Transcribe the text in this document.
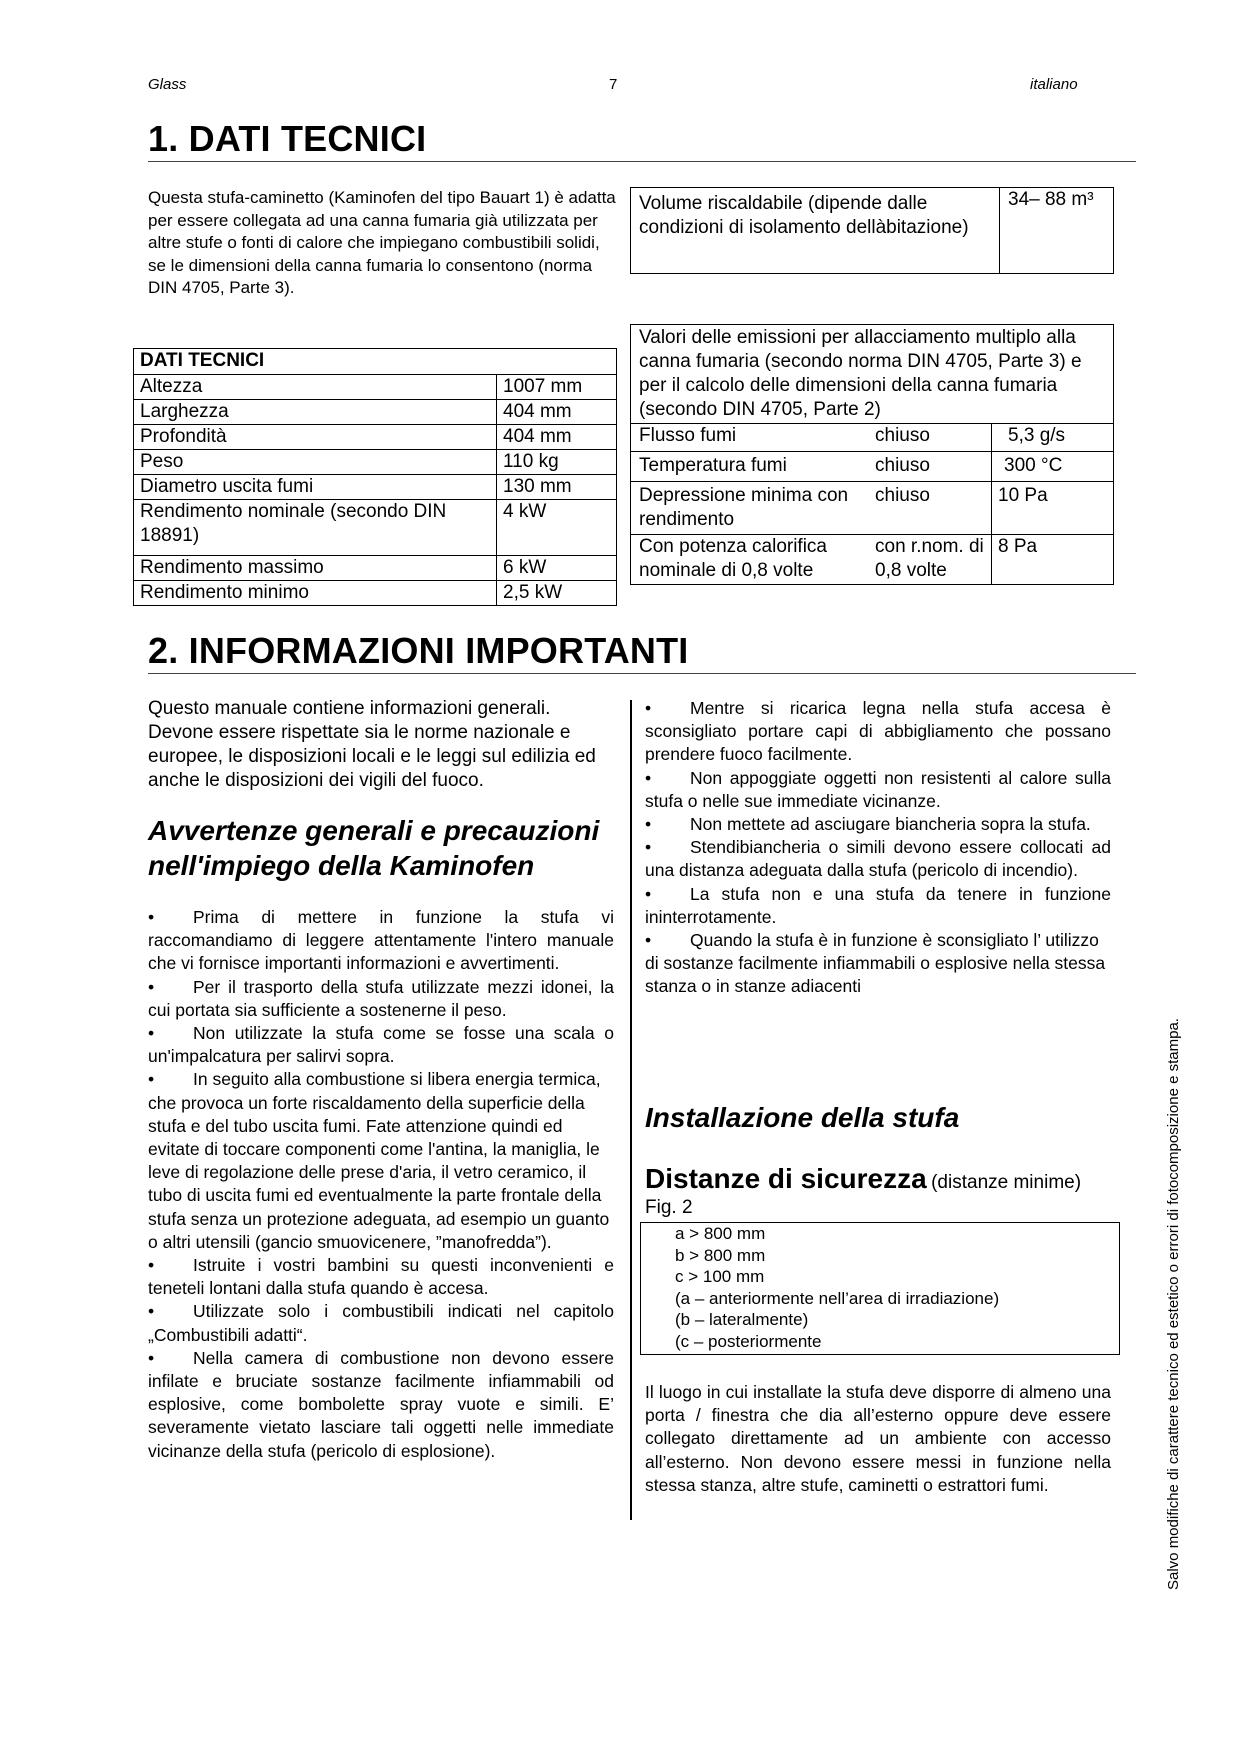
Glass	7	italiano
1. DATI TECNICI
Questa stufa-caminetto (Kaminofen del tipo Bauart 1) è adatta per essere collegata ad una canna fumaria già utilizzata per altre stufe o fonti di calore che impiegano combustibili solidi, se le dimensioni della canna fumaria lo consentono (norma DIN 4705, Parte 3).
Volume riscaldabile (dipende dalle condizioni di isolamento dellàbitazione)	34– 88 m³
DATI TECNICI	
Altezza	1007 mm
Larghezza	404 mm
Profondità	404 mm
Peso	110 kg
Diametro uscita fumi	130 mm
Rendimento nominale (secondo DIN 18891)	4 kW
Rendimento massimo	6 kW
Rendimento minimo	2,5 kW
Valori delle emissioni per allacciamento multiplo alla canna fumaria (secondo norma DIN 4705, Parte 3) e per il calcolo delle dimensioni della canna fumaria (secondo DIN 4705, Parte 2)		
Flusso fumi	chiuso	5,3 g/s
Temperatura fumi	chiuso	300 °C
Depressione minima con rendimento	chiuso	10 Pa
Con potenza calorifica nominale di 0,8 volte	con r.nom. di 0,8 volte	8 Pa
2. INFORMAZIONI IMPORTANTI
Questo manuale contiene informazioni generali. Devone essere rispettate sia le norme nazionale e europee, le disposizioni locali e le leggi sul edilizia ed anche le disposizioni dei vigili del fuoco.
Avvertenze generali e precauzioni nell'impiego della Kaminofen
• Prima di mettere in funzione la stufa vi raccomandiamo di leggere attentamente l'intero manuale che vi fornisce importanti informazioni e avvertimenti.
• Per il trasporto della stufa utilizzate mezzi idonei, la cui portata sia sufficiente a sostenerne il peso.
• Non utilizzate la stufa come se fosse una scala o un'impalcatura per salirvi sopra.
• In seguito alla combustione si libera energia termica, che provoca un forte riscaldamento della superficie della stufa e del tubo uscita fumi. Fate attenzione quindi ed evitate di toccare componenti come l'antina, la maniglia, le leve di regolazione delle prese d'aria, il vetro ceramico, il tubo di uscita fumi ed eventualmente la parte frontale della stufa senza un protezione adeguata, ad esempio un guanto o altri utensili (gancio smuovicenere, ”manofredda”).
• Istruite i vostri bambini su questi inconvenienti e teneteli lontani dalla stufa quando è accesa.
• Utilizzate solo i combustibili indicati nel capitolo „Combustibili adatti“.
• Nella camera di combustione non devono essere infilate e bruciate sostanze facilmente infiammabili od esplosive, come bombolette spray vuote e simili. E’ severamente vietato lasciare tali oggetti nelle immediate vicinanze della stufa (pericolo di esplosione).
• Mentre si ricarica legna nella stufa accesa è sconsigliato portare capi di abbigliamento che possano prendere fuoco facilmente.
• Non appoggiate oggetti non resistenti al calore sulla stufa o nelle sue immediate vicinanze.
• Non mettete ad asciugare biancheria sopra la stufa.
• Stendibiancheria o simili devono essere collocati ad una distanza adeguata dalla stufa (pericolo di incendio).
• La stufa non e una stufa da tenere in funzione ininterrotamente.
• Quando la stufa è in funzione è sconsigliato l’ utilizzo di sostanze facilmente infiammabili o esplosive nella stessa stanza o in stanze adiacenti
Installazione della stufa
Distanze di sicurezza (distanze minime)
Fig. 2
a > 800 mm
b > 800 mm
c > 100 mm
(a – anteriormente nell’area di irradiazione)
(b – lateralmente)
(c – posteriormente
Il luogo in cui installate la stufa deve disporre di almeno una porta / finestra che dia all’esterno oppure deve essere collegato direttamente ad un ambiente con accesso all’esterno. Non devono essere messi in funzione nella stessa stanza, altre stufe, caminetti o estrattori fumi.	Salvo modifiche di carattere tecnico ed estetico o errori di fotocomposizione e stampa.
